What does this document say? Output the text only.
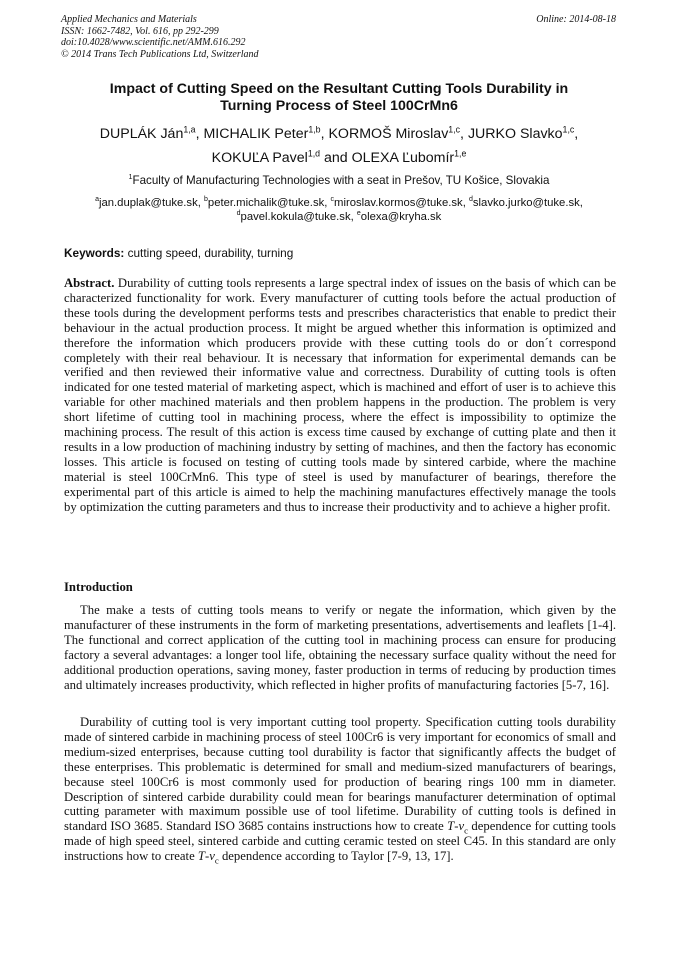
Applied Mechanics and Materials
ISSN: 1662-7482, Vol. 616, pp 292-299
doi:10.4028/www.scientific.net/AMM.616.292
© 2014 Trans Tech Publications Ltd, Switzerland
Online: 2014-08-18
Impact of Cutting Speed on the Resultant Cutting Tools Durability in
Turning Process of Steel 100CrMn6
DUPLÁK Ján$^{1,a}$, MICHALIK Peter$^{1,b}$, KORMOŠ Miroslav$^{1,c}$, JURKO Slavko$^{1,c}$,
KOKUĽA Pavel$^{1,d}$ and OLEXA Ľubomír$^{1,e}$
$^1$Faculty of Manufacturing Technologies with a seat in Prešov, TU Košice, Slovakia
$^a$jan.duplak@tuke.sk, $^b$peter.michalik@tuke.sk, $^c$miroslav.kormos@tuke.sk, $^d$slavko.jurko@tuke.sk,
$^d$pavel.kokula@tuke.sk, $^e$olexa@kryha.sk
Keywords: cutting speed, durability, turning
Abstract. Durability of cutting tools represents a large spectral index of issues on the basis of which can be characterized functionality for work. Every manufacturer of cutting tools before the actual production of these tools during the development performs tests and prescribes characteristics that enable to predict their behaviour in the actual production process. It might be argued whether this information is optimized and therefore the information which producers provide with these cutting tools do or don´t correspond completely with their real behaviour. It is necessary that information for experimental demands can be verified and then reviewed their informative value and correctness. Durability of cutting tools is often indicated for one tested material of marketing aspect, which is machined and effort of user is to achieve this variable for other machined materials and then problem happens in the production. The problem is very short lifetime of cutting tool in machining process, where the effect is impossibility to optimize the machining process. The result of this action is excess time caused by exchange of cutting plate and then it results in a low production of machining industry by setting of machines, and then the factory has economic losses. This article is focused on testing of cutting tools made by sintered carbide, where the machine material is steel 100CrMn6. This type of steel is used by manufacturer of bearings, therefore the experimental part of this article is aimed to help the machining manufactures effectively manage the tools by optimization the cutting parameters and thus to increase their productivity and to achieve a higher profit.
Introduction

The make a tests of cutting tools means to verify or negate the information, which given by the manufacturer of these instruments in the form of marketing presentations, advertisements and leaflets [1-4]. The functional and correct application of the cutting tool in machining process can ensure for producing factory a several advantages: a longer tool life, obtaining the necessary surface quality without the need for additional production operations, saving money, faster production in terms of reducing by production times and ultimately increases productivity, which reflected in higher profits of manufacturing factories [5-7, 16].

Durability of cutting tool is very important cutting tool property. Specification cutting tools durability made of sintered carbide in machining process of steel 100Cr6 is very important for economics of small and medium-sized enterprises, because cutting tool durability is factor that significantly affects the budget of these enterprises. This problematic is determined for small and medium-sized manufacturers of bearings, because steel 100Cr6 is most commonly used for production of bearing rings 100 mm in diameter. Description of sintered carbide durability could mean for bearings manufacturer determination of optimal cutting parameter with maximum possible use of tool lifetime. Durability of cutting tools is defined in standard ISO 3685. Standard ISO 3685 contains instructions how to create $T-v_c$ dependence for cutting tools made of high speed steel, sintered carbide and cutting ceramic tested on steel C45. In this standard are only instructions how to create $T-v_c$ dependence according to Taylor [7-9, 13, 17].
